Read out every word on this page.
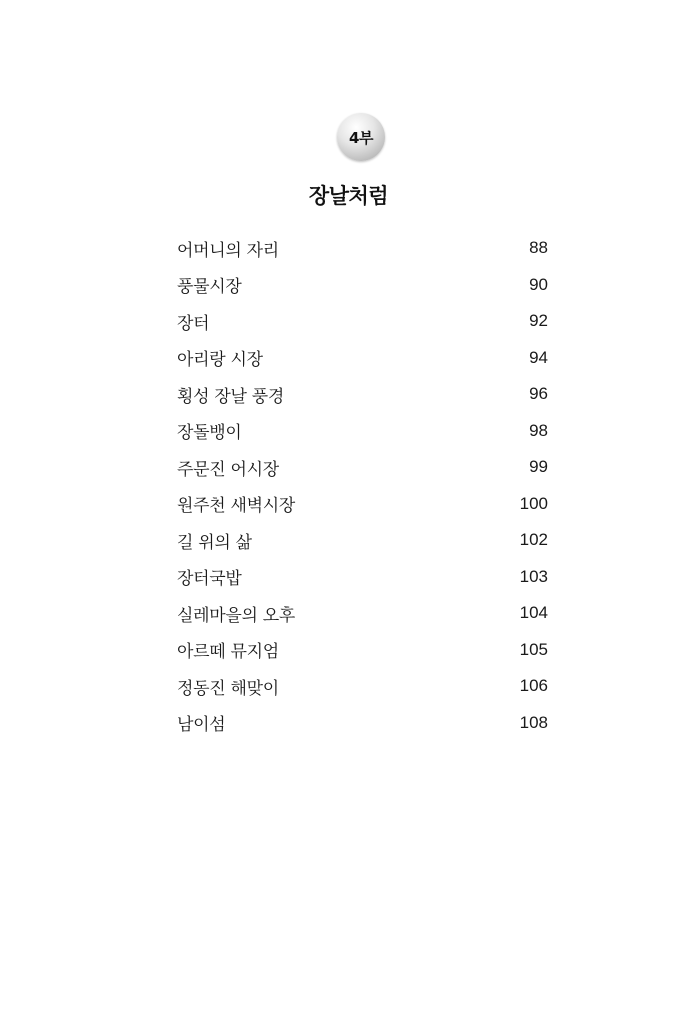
4부
장날처럼
어머니의 자리	88
풍물시장	90
장터	92
아리랑 시장	94
횡성 장날 풍경	96
장돌뱅이	98
주문진 어시장	99
원주천 새벽시장	100
길 위의 삶	102
장터국밥	103
실레마을의 오후	104
아르떼 뮤지엄	105
정동진 해맞이	106
남이섬	108
